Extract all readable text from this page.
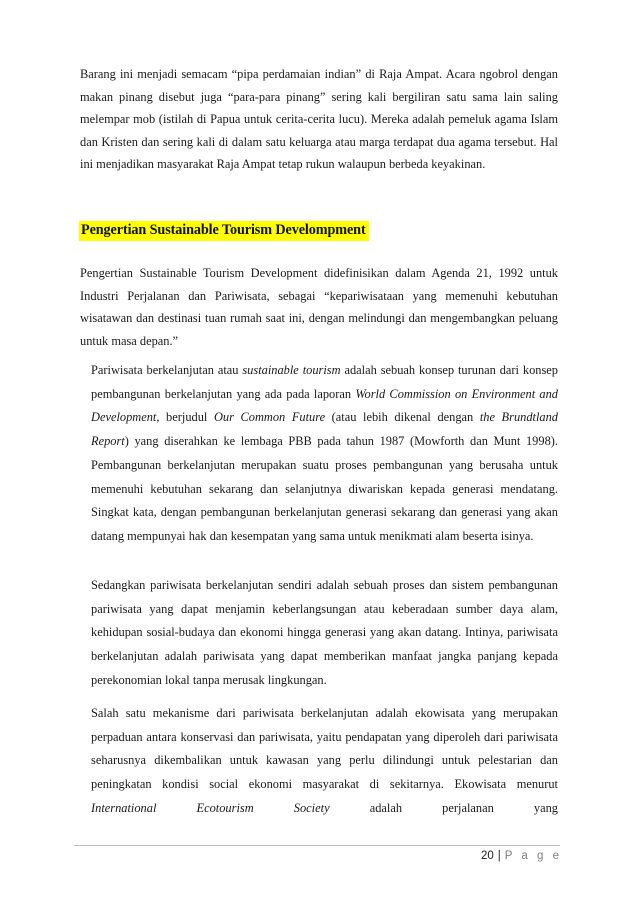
Barang ini menjadi semacam “pipa perdamaian indian” di Raja Ampat. Acara ngobrol dengan makan pinang disebut juga “para-para pinang” sering kali bergiliran satu sama lain saling melempar mob (istilah di Papua untuk cerita-cerita lucu). Mereka adalah pemeluk agama Islam dan Kristen dan sering kali di dalam satu keluarga atau marga terdapat dua agama tersebut. Hal ini menjadikan masyarakat Raja Ampat tetap rukun walaupun berbeda keyakinan.

Pengertian Sustainable Tourism Develompment

Pengertian Sustainable Tourism Development didefinisikan dalam Agenda 21, 1992 untuk Industri Perjalanan dan Pariwisata, sebagai “kepariwisataan yang memenuhi kebutuhan wisatawan dan destinasi tuan rumah saat ini, dengan melindungi dan mengembangkan peluang untuk masa depan.”

Pariwisata berkelanjutan atau sustainable tourism adalah sebuah konsep turunan dari konsep pembangunan berkelanjutan yang ada pada laporan World Commission on Environment and Development, berjudul Our Common Future (atau lebih dikenal dengan the Brundtland Report) yang diserahkan ke lembaga PBB pada tahun 1987 (Mowforth dan Munt 1998). Pembangunan berkelanjutan merupakan suatu proses pembangunan yang berusaha untuk memenuhi kebutuhan sekarang dan selanjutnya diwariskan kepada generasi mendatang. Singkat kata, dengan pembangunan berkelanjutan generasi sekarang dan generasi yang akan datang mempunyai hak dan kesempatan yang sama untuk menikmati alam beserta isinya.

Sedangkan pariwisata berkelanjutan sendiri adalah sebuah proses dan sistem pembangunan pariwisata yang dapat menjamin keberlangsungan atau keberadaan sumber daya alam, kehidupan sosial-budaya dan ekonomi hingga generasi yang akan datang. Intinya, pariwisata berkelanjutan adalah pariwisata yang dapat memberikan manfaat jangka panjang kepada perekonomian lokal tanpa merusak lingkungan.

Salah satu mekanisme dari pariwisata berkelanjutan adalah ekowisata yang merupakan perpaduan antara konservasi dan pariwisata, yaitu pendapatan yang diperoleh dari pariwisata seharusnya dikembalikan untuk kawasan yang perlu dilindungi untuk pelestarian dan peningkatan kondisi social ekonomi masyarakat di sekitarnya. Ekowisata menurut International Ecotourism Society adalah perjalanan yang

20 | P a g e
